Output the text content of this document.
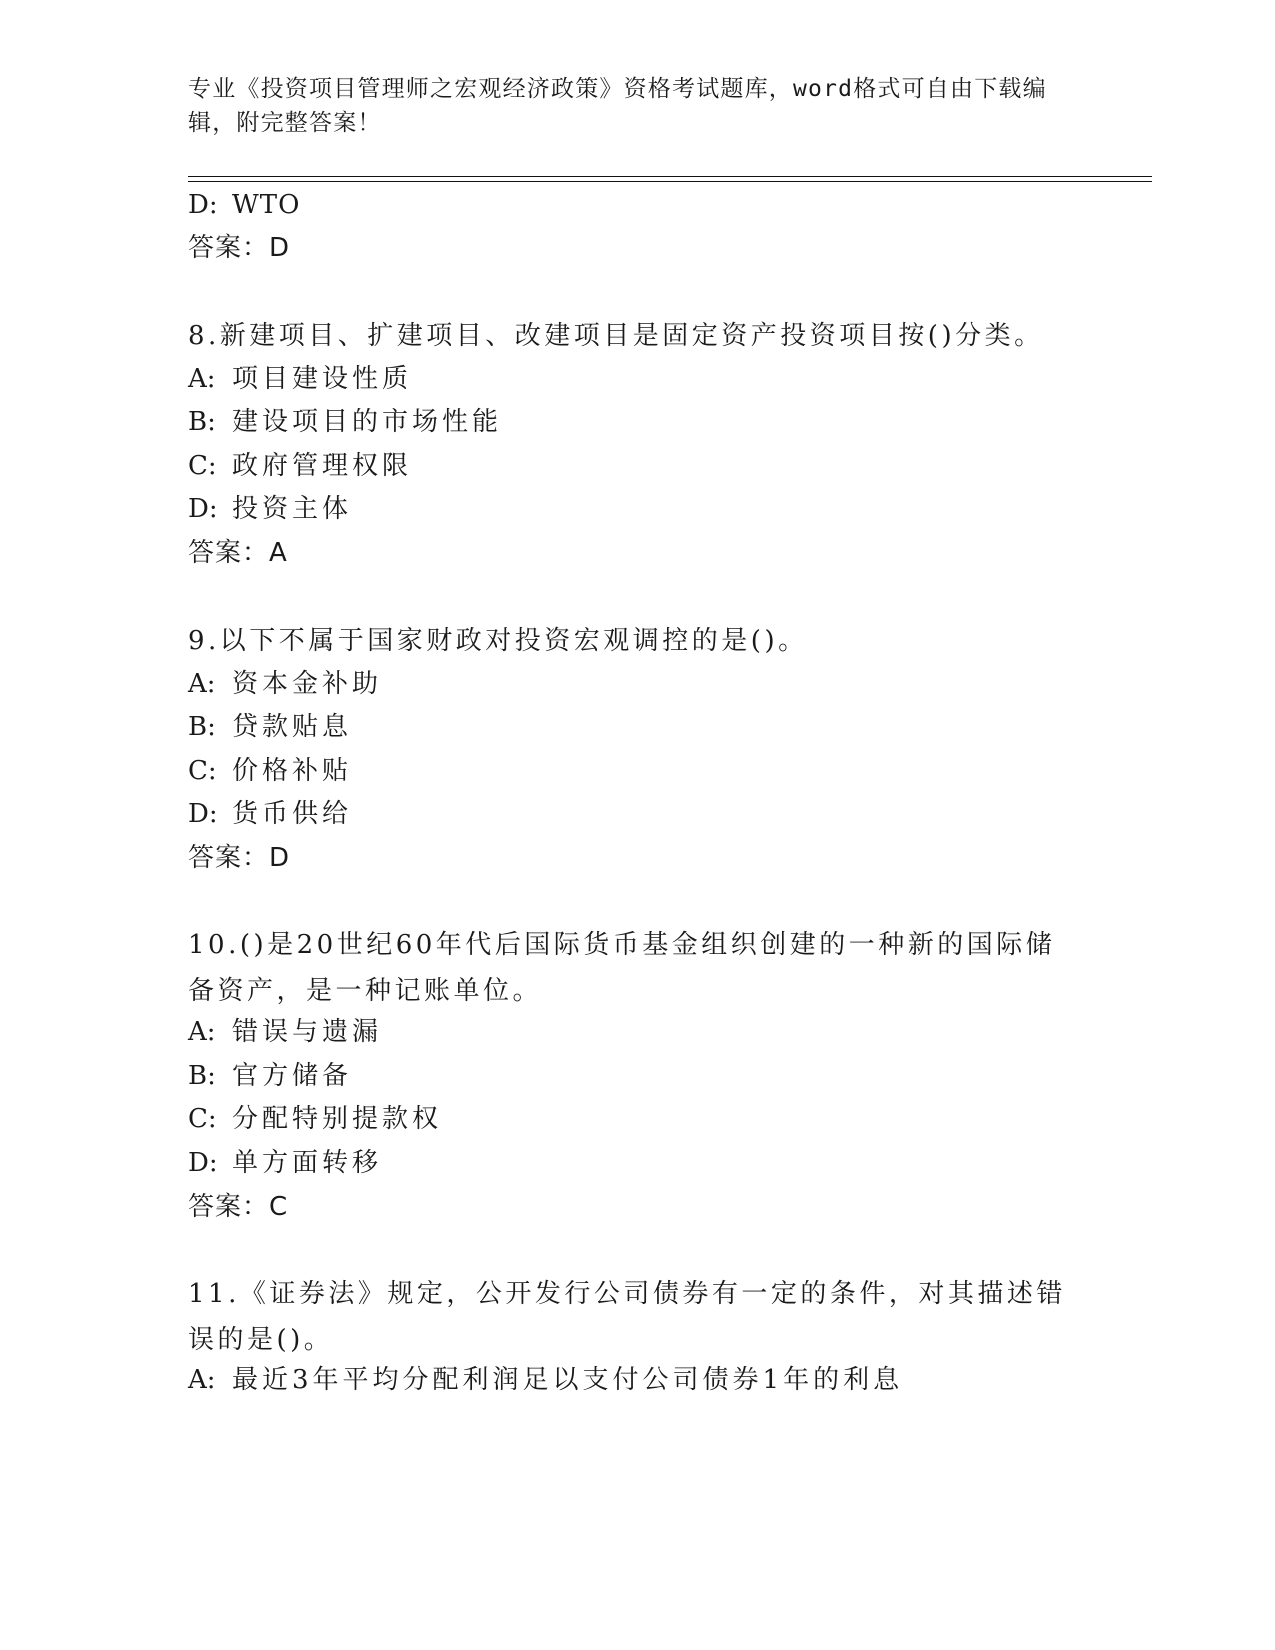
专业《投资项目管理师之宏观经济政策》资格考试题库，word格式可自由下载编
辑，附完整答案！
D: WTO
答案：D
8.新建项目、扩建项目、改建项目是固定资产投资项目按()分类。
A: 项目建设性质
B: 建设项目的市场性能
C: 政府管理权限
D: 投资主体
答案：A
9.以下不属于国家财政对投资宏观调控的是()。
A: 资本金补助
B: 贷款贴息
C: 价格补贴
D: 货币供给
答案：D
10.()是20世纪60年代后国际货币基金组织创建的一种新的国际储备资产，是一种记账单位。
A: 错误与遗漏
B: 官方储备
C: 分配特别提款权
D: 单方面转移
答案：C
11.《证券法》规定，公开发行公司债券有一定的条件，对其描述错误的是()。
A: 最近3年平均分配利润足以支付公司债券1年的利息
